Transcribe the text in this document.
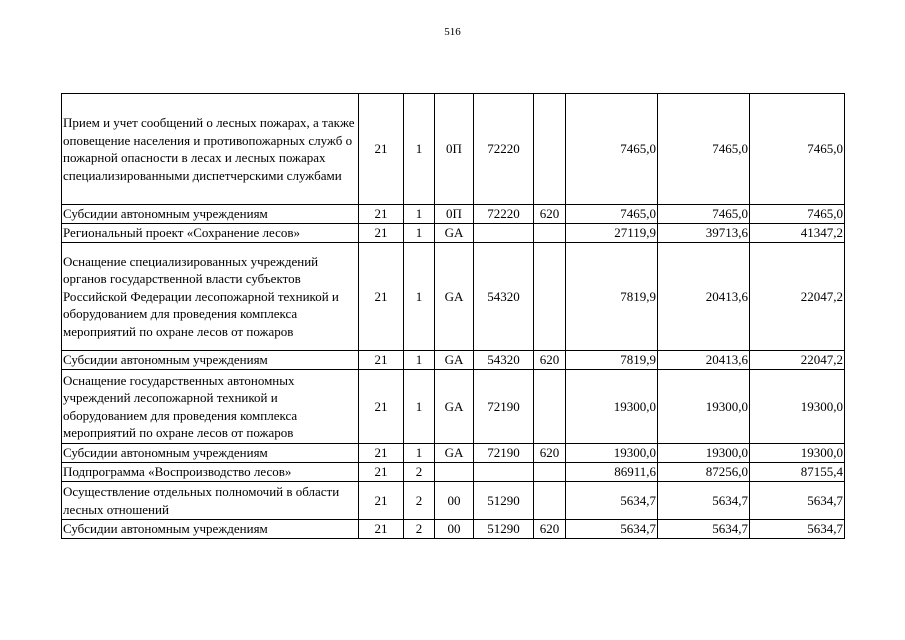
516
Прием и учет сообщений о лесных пожарах, а также оповещение населения и противопожарных служб о пожарной опасности в лесах и лесных пожарах специализированными диспетчерскими службами	21	1	0П	72220		7465,0	7465,0	7465,0
Субсидии автономным учреждениям	21	1	0П	72220	620	7465,0	7465,0	7465,0
Региональный проект «Сохранение лесов»	21	1	GA			27119,9	39713,6	41347,2
Оснащение специализированных учреждений органов государственной власти субъектов Российской Федерации лесопожарной техникой и оборудованием для проведения комплекса мероприятий по охране лесов от пожаров	21	1	GA	54320		7819,9	20413,6	22047,2
Субсидии автономным учреждениям	21	1	GA	54320	620	7819,9	20413,6	22047,2
Оснащение государственных автономных учреждений лесопожарной техникой и оборудованием для проведения комплекса мероприятий по охране лесов от пожаров	21	1	GA	72190		19300,0	19300,0	19300,0
Субсидии автономным учреждениям	21	1	GA	72190	620	19300,0	19300,0	19300,0
Подпрограмма «Воспроизводство лесов»	21	2				86911,6	87256,0	87155,4
Осуществление отдельных полномочий в области лесных отношений	21	2	00	51290		5634,7	5634,7	5634,7
Субсидии автономным учреждениям	21	2	00	51290	620	5634,7	5634,7	5634,7
